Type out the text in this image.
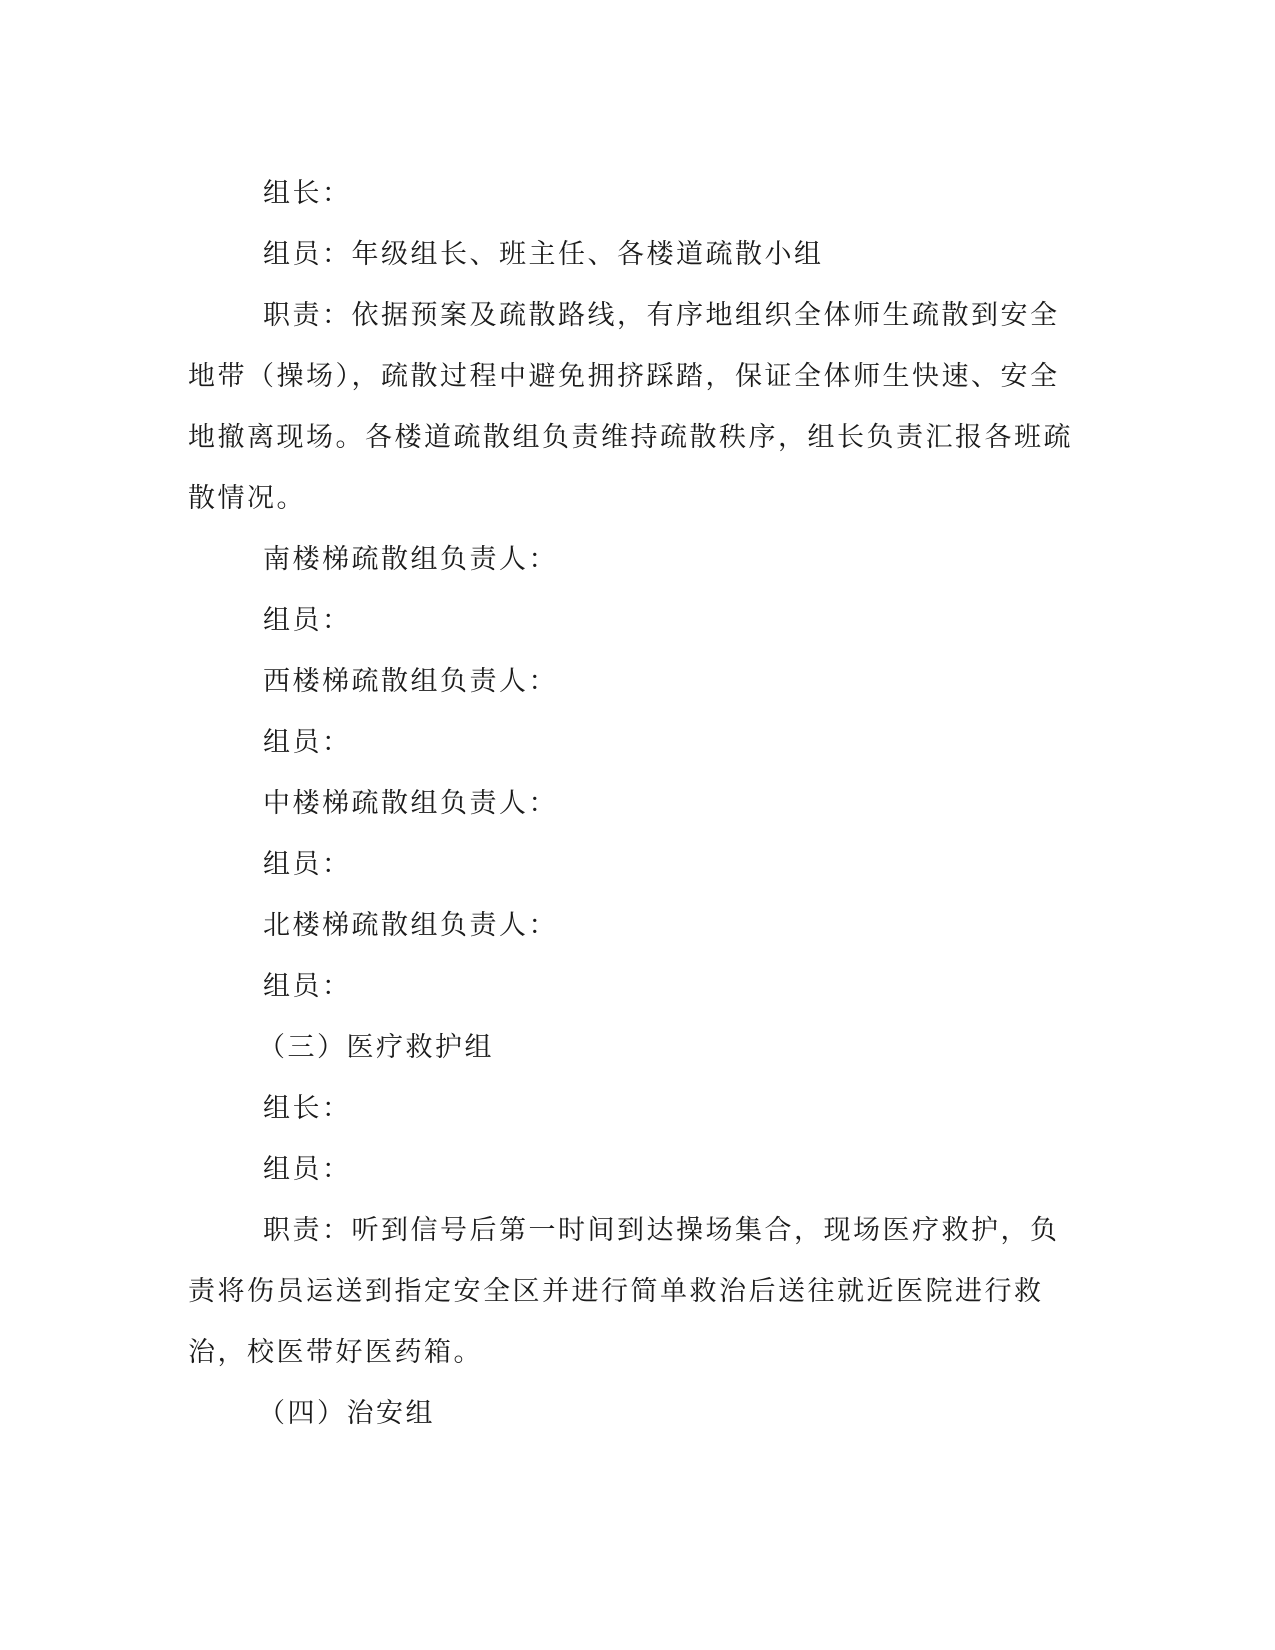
组长：

组员：年级组长、班主任、各楼道疏散小组

职责：依据预案及疏散路线，有序地组织全体师生疏散到安全地带（操场），疏散过程中避免拥挤踩踏，保证全体师生快速、安全地撤离现场。各楼道疏散组负责维持疏散秩序，组长负责汇报各班疏散情况。

南楼梯疏散组负责人：

组员：

西楼梯疏散组负责人：

组员：

中楼梯疏散组负责人：

组员：

北楼梯疏散组负责人：

组员：

（三）医疗救护组

组长：

组员：

职责：听到信号后第一时间到达操场集合，现场医疗救护，负责将伤员运送到指定安全区并进行简单救治后送往就近医院进行救治，校医带好医药箱。

（四）治安组
